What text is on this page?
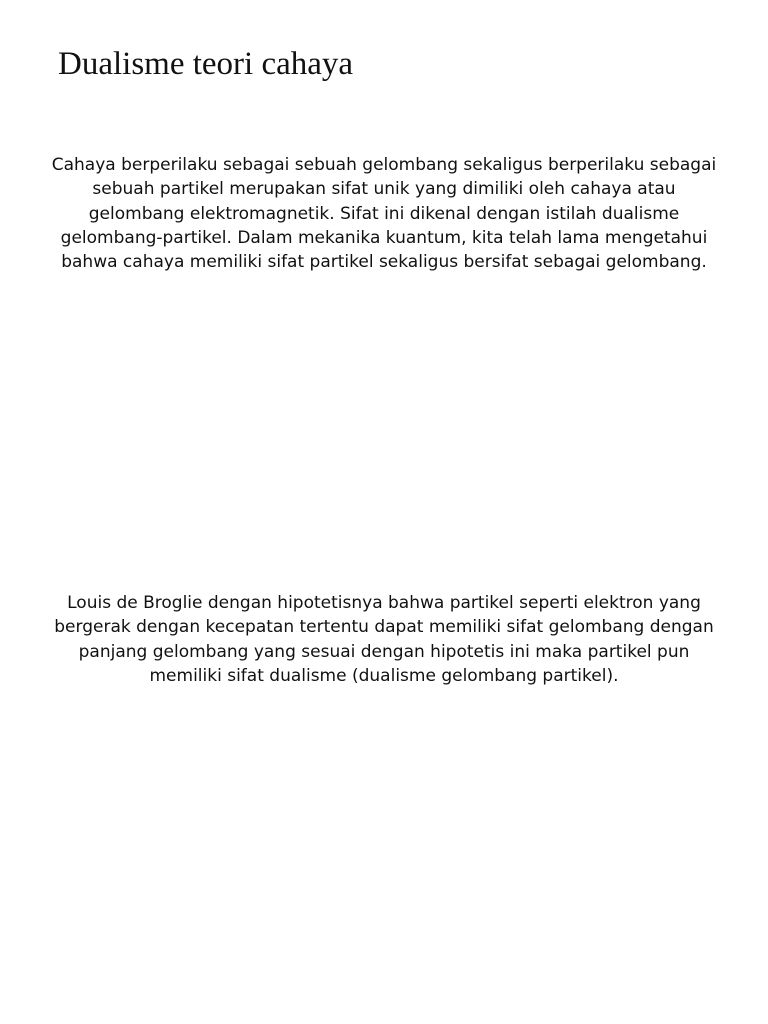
Dualisme teori cahaya

Cahaya berperilaku sebagai sebuah gelombang sekaligus berperilaku sebagai sebuah partikel merupakan sifat unik yang dimiliki oleh cahaya atau gelombang elektromagnetik. Sifat ini dikenal dengan istilah dualisme gelombang-partikel. Dalam mekanika kuantum, kita telah lama mengetahui bahwa cahaya memiliki sifat partikel sekaligus bersifat sebagai gelombang.

Louis de Broglie dengan hipotetisnya bahwa partikel seperti elektron yang bergerak dengan kecepatan tertentu dapat memiliki sifat gelombang dengan panjang gelombang yang sesuai dengan hipotetis ini maka partikel pun memiliki sifat dualisme (dualisme gelombang partikel).
